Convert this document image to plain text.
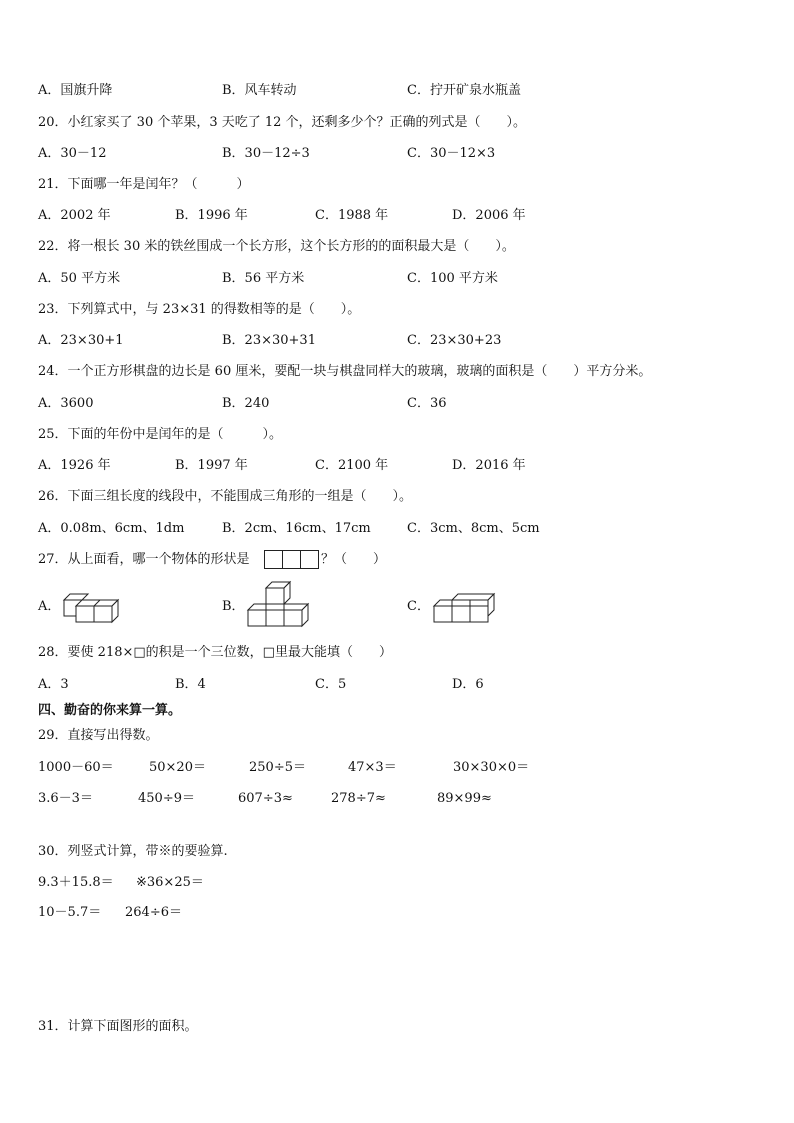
A．国旗升降	B．风车转动	C．拧开矿泉水瓶盖
20．小红家买了 30 个苹果，3 天吃了 12 个，还剩多少个？正确的列式是（　　）。
A．30－12	B．30－12÷3	C．30－12×3
21．下面哪一年是闰年？（　　　）
A．2002 年	B．1996 年	C．1988 年	D．2006 年
22．将一根长 30 米的铁丝围成一个长方形，这个长方形的的面积最大是（　　）。
A．50 平方米	B．56 平方米	C．100 平方米
23．下列算式中，与 23×31 的得数相等的是（　　）。
A．23×30+1	B．23×30+31	C．23×30+23
24．一个正方形棋盘的边长是 60 厘米，要配一块与棋盘同样大的玻璃，玻璃的面积是（　　）平方分米。
A．3600	B．240	C．36
25．下面的年份中是闰年的是（　　　）。
A．1926 年	B．1997 年	C．2100 年	D．2016 年
26．下面三组长度的线段中，不能围成三角形的一组是（　　）。
A．0.08m、6cm、1dm	B．2cm、16cm、17cm	C．3cm、8cm、5cm
27．从上面看，哪一个物体的形状是	？（　　）
A．	B．	C．
28．要使 218×□的积是一个三位数，□里最大能填（　　）
A．3	B．4	C．5	D．6
四、勤奋的你来算一算。
29．直接写出得数。
1000－60＝	50×20＝	250÷5＝	47×3＝	30×30×0＝
3.6－3＝	450÷9＝	607÷3≈	278÷7≈	89×99≈
30．列竖式计算，带※的要验算.
9.3＋15.8＝ ※36×25＝
10－5.7＝ 264÷6＝
31．计算下面图形的面积。
